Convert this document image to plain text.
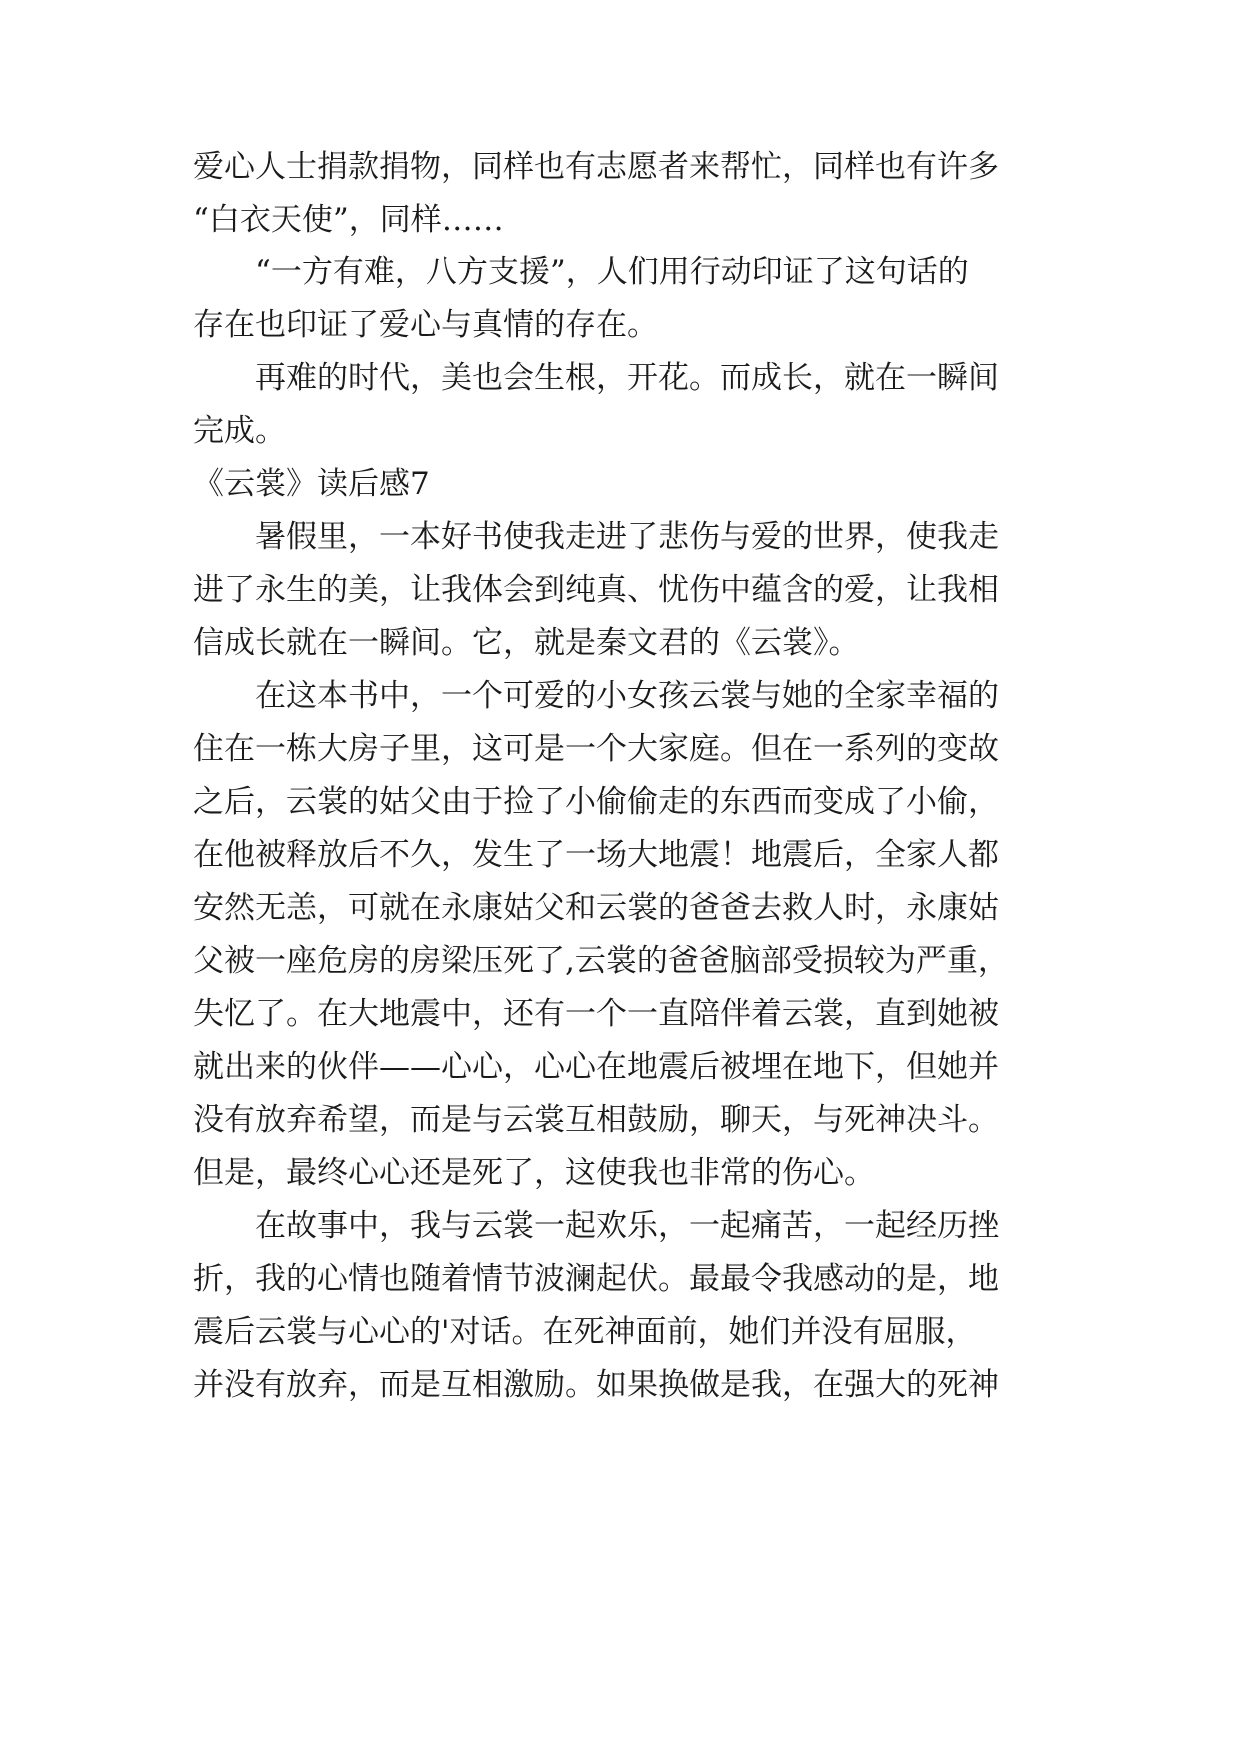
爱心人士捐款捐物，同样也有志愿者来帮忙，同样也有许多
“白衣天使”，同样……
“一方有难，八方支援”，人们用行动印证了这句话的
存在也印证了爱心与真情的存在。
再难的时代，美也会生根，开花。而成长，就在一瞬间
完成。
《云裳》读后感7
暑假里，一本好书使我走进了悲伤与爱的世界，使我走
进了永生的美，让我体会到纯真、忧伤中蕴含的爱，让我相
信成长就在一瞬间。它，就是秦文君的《云裳》。
在这本书中，一个可爱的小女孩云裳与她的全家幸福的
住在一栋大房子里，这可是一个大家庭。但在一系列的变故
之后，云裳的姑父由于捡了小偷偷走的东西而变成了小偷，
在他被释放后不久，发生了一场大地震！地震后，全家人都
安然无恙，可就在永康姑父和云裳的爸爸去救人时，永康姑
父被一座危房的房梁压死了,云裳的爸爸脑部受损较为严重，
失忆了。在大地震中，还有一个一直陪伴着云裳，直到她被
就出来的伙伴——心心，心心在地震后被埋在地下，但她并
没有放弃希望，而是与云裳互相鼓励，聊天，与死神决斗。
但是，最终心心还是死了，这使我也非常的伤心。
在故事中，我与云裳一起欢乐，一起痛苦，一起经历挫
折，我的心情也随着情节波澜起伏。最最令我感动的是，地
震后云裳与心心的'对话。在死神面前，她们并没有屈服，
并没有放弃，而是互相激励。如果换做是我，在强大的死神
